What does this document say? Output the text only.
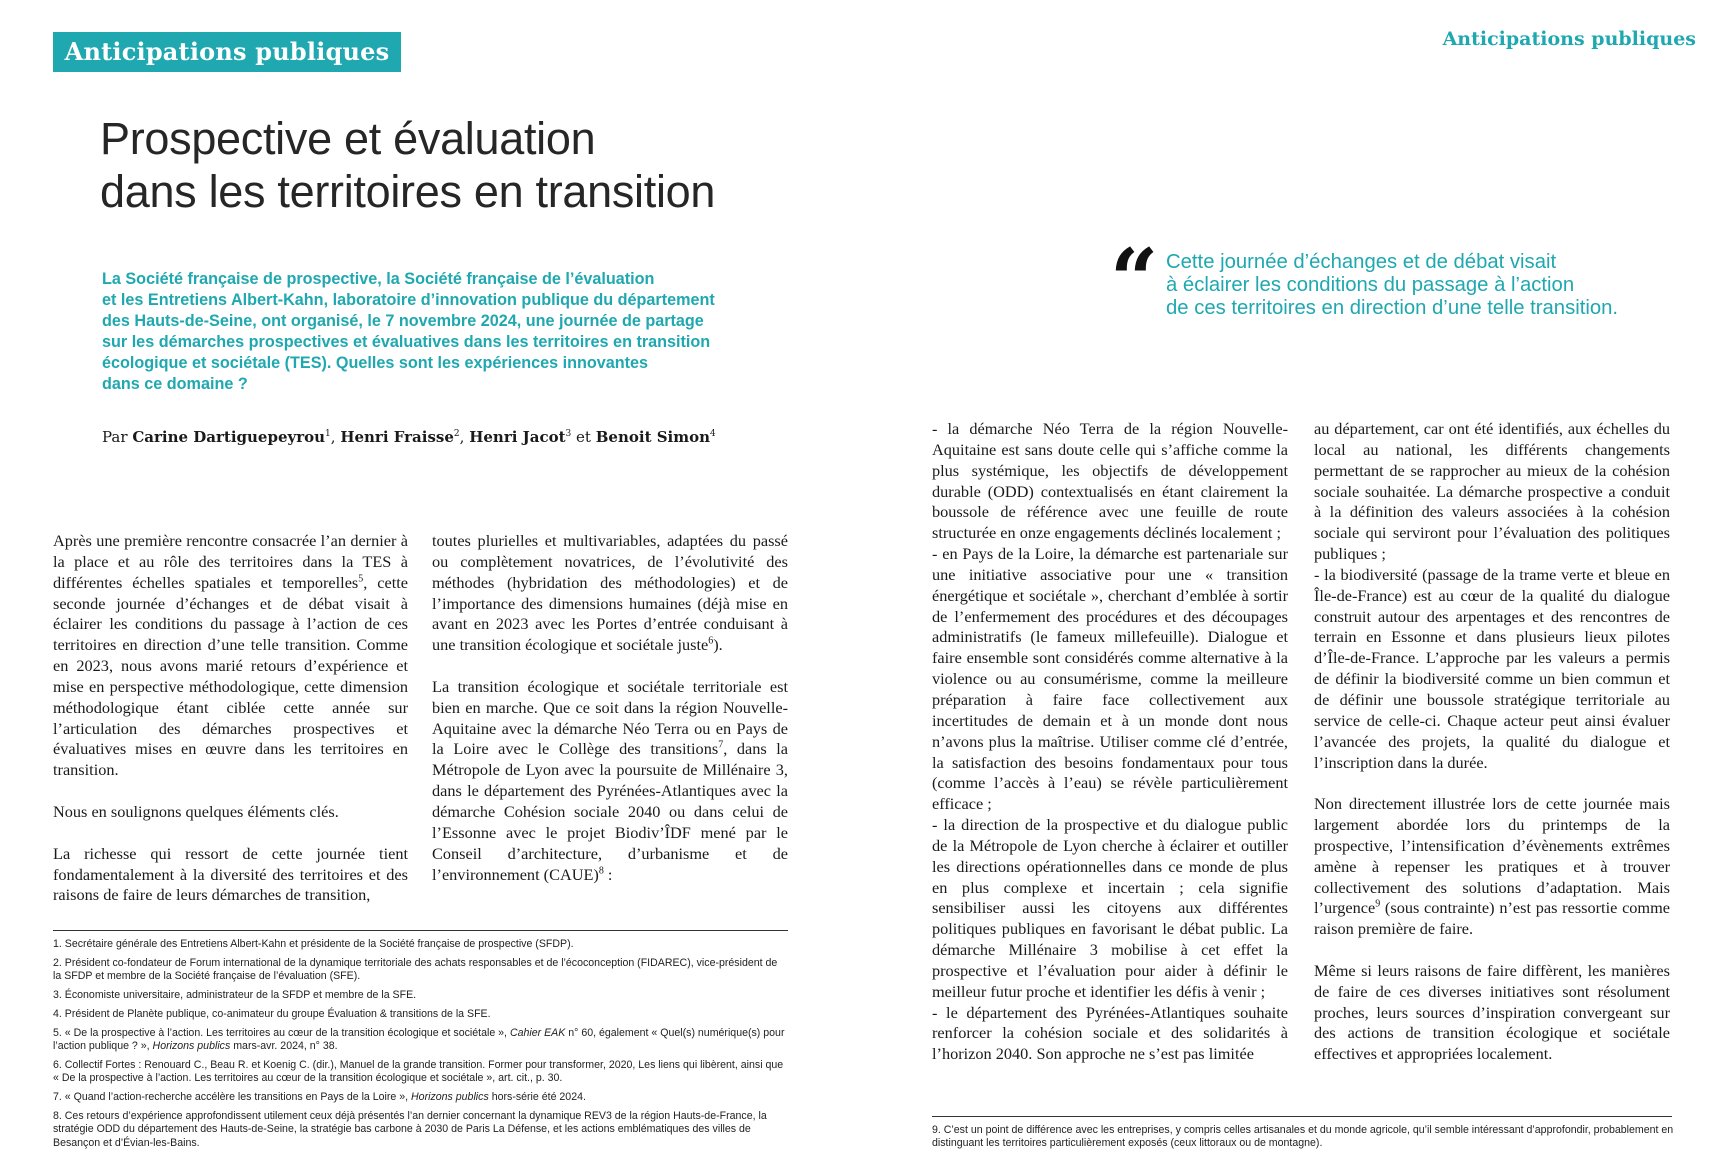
Anticipations publiques	Anticipations publiques
Prospective et évaluation
dans les territoires en transition
La Société française de prospective, la Société française de l’évaluation
et les Entretiens Albert-Kahn, laboratoire d’innovation publique du département
des Hauts-de-Seine, ont organisé, le 7 novembre 2024, une journée de partage
sur les démarches prospectives et évaluatives dans les territoires en transition
écologique et sociétale (TES). Quelles sont les expériences innovantes
dans ce domaine ?
Par Carine Dartiguepeyrou$^1$, Henri Fraisse$^2$, Henri Jacot$^3$ et Benoit Simon$^4$
“ Cette journée d’échanges et de débat visait
à éclairer les conditions du passage à l’action
de ces territoires en direction d’une telle transition.

Après une première rencontre consacrée l’an dernier à la place et au rôle des territoires dans la TES à différentes échelles spatiales et temporelles$^5$, cette seconde journée d’échanges et de débat visait à éclairer les conditions du passage à l’action de ces territoires en direction d’une telle transition. Comme en 2023, nous avons marié retours d’expérience et mise en perspective méthodologique, cette dimension méthodologique étant ciblée cette année sur l’articulation des démarches prospectives et évaluatives mises en œuvre dans les territoires en transition.

Nous en soulignons quelques éléments clés.

La richesse qui ressort de cette journée tient fondamentalement à la diversité des territoires et des raisons de faire de leurs démarches de transition,

toutes plurielles et multivariables, adaptées du passé ou complètement novatrices, de l’évolutivité des méthodes (hybridation des méthodologies) et de l’importance des dimensions humaines (déjà mise en avant en 2023 avec les Portes d’entrée conduisant à une transition écologique et sociétale juste$^6$).

La transition écologique et sociétale territoriale est bien en marche. Que ce soit dans la région Nouvelle-Aquitaine avec la démarche Néo Terra ou en Pays de la Loire avec le Collège des transitions$^7$, dans la Métropole de Lyon avec la poursuite de Millénaire 3, dans le département des Pyrénées-Atlantiques avec la démarche Cohésion sociale 2040 ou dans celui de l’Essonne avec le projet Biodiv’ÎDF mené par le Conseil d’architecture, d’urbanisme et de l’environnement (CAUE)$^8$ :

- la démarche Néo Terra de la région Nouvelle-Aquitaine est sans doute celle qui s’affiche comme la plus systémique, les objectifs de développement durable (ODD) contextualisés en étant clairement la boussole de référence avec une feuille de route structurée en onze engagements déclinés localement ;

- en Pays de la Loire, la démarche est partenariale sur une initiative associative pour une « transition énergétique et sociétale », cherchant d’emblée à sortir de l’enfermement des procédures et des découpages administratifs (le fameux millefeuille). Dialogue et faire ensemble sont considérés comme alternative à la violence ou au consumérisme, comme la meilleure préparation à faire face collectivement aux incertitudes de demain et à un monde dont nous n’avons plus la maîtrise. Utiliser comme clé d’entrée, la satisfaction des besoins fondamentaux pour tous (comme l’accès à l’eau) se révèle particulièrement efficace ;

- la direction de la prospective et du dialogue public de la Métropole de Lyon cherche à éclairer et outiller les directions opérationnelles dans ce monde de plus en plus complexe et incertain ; cela signifie sensibiliser aussi les citoyens aux différentes politiques publiques en favorisant le débat public. La démarche Millénaire 3 mobilise à cet effet la prospective et l’évaluation pour aider à définir le meilleur futur proche et identifier les défis à venir ;

- le département des Pyrénées-Atlantiques souhaite renforcer la cohésion sociale et des solidarités à l’horizon 2040. Son approche ne s’est pas limitée

au département, car ont été identifiés, aux échelles du local au national, les différents changements permettant de se rapprocher au mieux de la cohésion sociale souhaitée. La démarche prospective a conduit à la définition des valeurs associées à la cohésion sociale qui serviront pour l’évaluation des politiques publiques ;

- la biodiversité (passage de la trame verte et bleue en Île-de-France) est au cœur de la qualité du dialogue construit autour des arpentages et des rencontres de terrain en Essonne et dans plusieurs lieux pilotes d’Île-de-France. L’approche par les valeurs a permis de définir la biodiversité comme un bien commun et de définir une boussole stratégique territoriale au service de celle-ci. Chaque acteur peut ainsi évaluer l’avancée des projets, la qualité du dialogue et l’inscription dans la durée.

Non directement illustrée lors de cette journée mais largement abordée lors du printemps de la prospective, l’intensification d’évènements extrêmes amène à repenser les pratiques et à trouver collectivement des solutions d’adaptation. Mais l’urgence$^9$ (sous contrainte) n’est pas ressortie comme raison première de faire.

Même si leurs raisons de faire diffèrent, les manières de faire de ces diverses initiatives sont résolument proches, leurs sources d’inspiration convergeant sur des actions de transition écologique et sociétale effectives et appropriées localement.

1. Secrétaire générale des Entretiens Albert-Kahn et présidente de la Société française de prospective (SFDP).

2. Président co-fondateur de Forum international de la dynamique territoriale des achats responsables et de l’écoconception (FIDAREC), vice-président de la SFDP et membre de la Société française de l’évaluation (SFE).

3. Économiste universitaire, administrateur de la SFDP et membre de la SFE.

4. Président de Planète publique, co-animateur du groupe Évaluation & transitions de la SFE.

5. « De la prospective à l’action. Les territoires au cœur de la transition écologique et sociétale », Cahier EAK n° 60, également « Quel(s) numérique(s) pour l’action publique ? », Horizons publics mars-avr. 2024, n° 38.

6. Collectif Fortes : Renouard C., Beau R. et Koenig C. (dir.), Manuel de la grande transition. Former pour transformer, 2020, Les liens qui libèrent, ainsi que « De la prospective à l’action. Les territoires au cœur de la transition écologique et sociétale », art. cit., p. 30.

7. « Quand l’action-recherche accélère les transitions en Pays de la Loire », Horizons publics hors-série été 2024.

8. Ces retours d’expérience approfondissent utilement ceux déjà présentés l’an dernier concernant la dynamique REV3 de la région Hauts-de-France, la stratégie ODD du département des Hauts-de-Seine, la stratégie bas carbone à 2030 de Paris La Défense, et les actions emblématiques des villes de Besançon et d’Évian-les-Bains.

9. C’est un point de différence avec les entreprises, y compris celles artisanales et du monde agricole, qu’il semble intéressant d’approfondir, probablement en distinguant les territoires particulièrement exposés (ceux littoraux ou de montagne).
